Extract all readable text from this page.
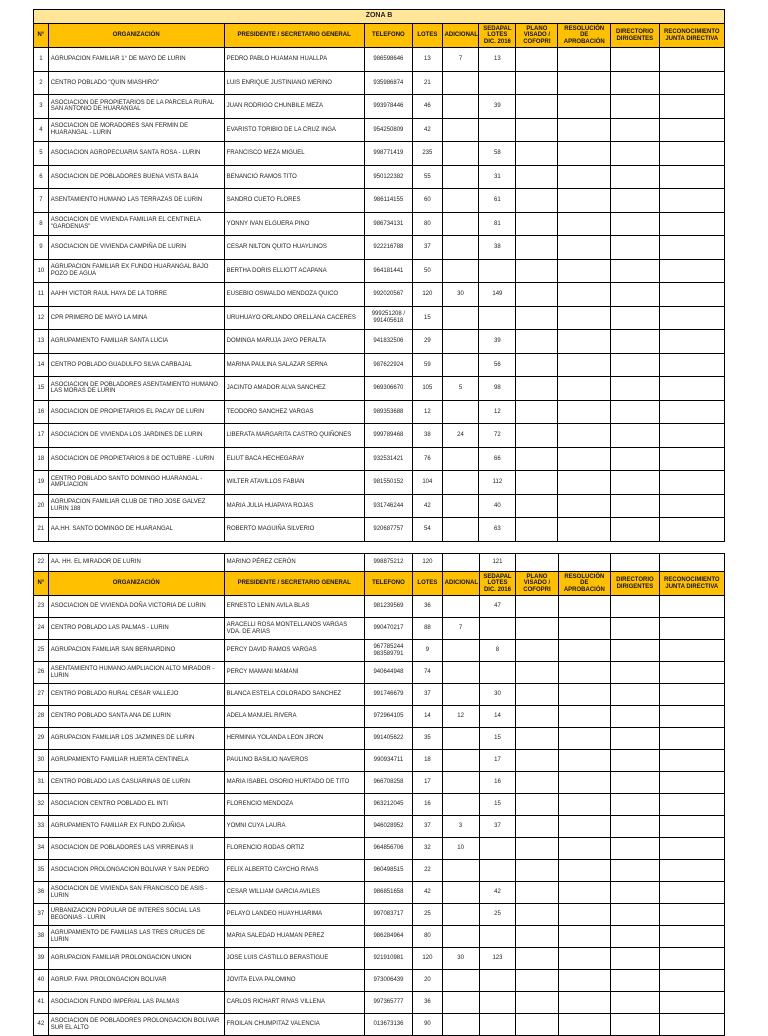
ZONA B										
N°	ORGANIZACIÓN	PRESIDENTE / SECRETARIO GENERAL	TELEFONO	LOTES	ADICIONAL	SEDAPAL LOTES DIC. 2016	PLANO VISADO / COFOPRI	RESOLUCIÓN DE APROBACIÓN	DIRECTORIO DIRIGENTES	RECONOCIMIENTO JUNTA DIRECTIVA
1	AGRUPACION FAMILIAR 1° DE MAYO DE LURIN	PEDRO PABLO HUAMANI HUALLPA	986598646	13	7	13				
2	CENTRO POBLADO "QUIN MIASHIRO"	LUIS ENRIQUE JUSTINIANO MERINO	935986874	21						
3	ASOCIACION DE PROPIETARIOS DE LA PARCELA RURAL SAN ANTONIO DE HUARANGAL	JUAN RODRIGO CHUNBILE MEZA	993978446	46		39				
4	ASOCIACION DE MORADORES SAN FERMIN DE HUARANGAL - LURIN	EVARISTO TORIBIO DE LA CRUZ INGA	954250809	42						
5	ASOCIACION AGROPECUARIA SANTA ROSA - LURIN	FRANCISCO MEZA MIGUEL	998771419	235		58				
6	ASOCIACION DE POBLADORES BUENA VISTA BAJA	BENANCIO RAMOS TITO	950122382	55		31				
7	ASENTAMIENTO HUMANO LAS TERRAZAS DE LURIN	SANDRO CUETO FLORES	986114155	60		61				
8	ASOCIACION DE VIVIENDA FAMILIAR EL CENTINELA "GARDENIAS"	YONNY IVAN ELGUERA PINO	986734131	80		81				
9	ASOCIACION DE VIVIENDA CAMPIÑA DE LURIN	CESAR NILTON QUITO HUAYLINOS	922216788	37		38				
10	AGRUPACION FAMILIAR EX FUNDO HUARANGAL BAJO POZO DE AGUA	BERTHA DORIS ELLIOTT ACAPANA	964181441	50						
11	AAHH VICTOR RAUL HAYA DE LA TORRE	EUSEBIO OSWALDO MENDOZA QUICO	992020567	120	30	149				
12	CPR PRIMERO DE MAYO LA MINA	URUHUAYO ORLANDO ORELLANA CACERES	999251208 / 991405618	15						
13	AGRUPAMIENTO FAMILIAR SANTA LUCIA	DOMINGA MARUJA JAYO PERALTA	941832506	29		39				
14	CENTRO POBLADO GUADULFO SILVA CARBAJAL	MARINA PAULINA SALAZAR SERNA	987622924	59		56				
15	ASOCIACION DE POBLADORES ASENTAMIENTO HUMANO LAS MORAS DE LURIN	JACINTO AMADOR ALVA SANCHEZ	969306670	105	5	98				
16	ASOCIACION DE PROPIETARIOS EL PACAY DE LURIN	TEODORO SANCHEZ VARGAS	989353688	12		12				
17	ASOCIACION DE VIVIENDA LOS JARDINES DE LURIN	LIBERATA MARGARITA CASTRO QUIÑONES	999789468	38	24	72				
18	ASOCIACION DE PROPIETARIOS 8 DE OCTUBRE - LURIN	ELIUT BACA HECHEGARAY	932531421	76		66				
19	CENTRO POBLADO SANTO DOMINGO HUARANGAL - AMPLIACION	WILTER ATAVILLOS FABIAN	981550152	104		112				
20	AGRUPACION FAMILIAR CLUB DE TIRO JOSE GALVEZ LURIN 188	MARIA JULIA HUAPAYA ROJAS	931746244	42		40				
21	AA.HH. SANTO DOMINGO DE HUARANGAL	ROBERTO MAGUIÑA SILVERIO	920687757	54		63				
22	AA. HH. EL MIRADOR DE LURIN	MARINO PÉREZ CERÓN	998875212	120		121				
N°	ORGANIZACIÓN	PRESIDENTE / SECRETARIO GENERAL	TELEFONO	LOTES	ADICIONAL	SEDAPAL LOTES DIC. 2016	PLANO VISADO / COFOPRI	RESOLUCIÓN DE APROBACIÓN	DIRECTORIO DIRIGENTES	RECONOCIMIENTO JUNTA DIRECTIVA
23	ASOCIACION DE VIVIENDA DOÑA VICTORIA DE LURIN	ERNESTO LENIN AVILA BLAS	981239569	36		47				
24	CENTRO POBLADO LAS PALMAS - LURIN	ARACELLI ROSA MONTELLANOS VARGAS VDA. DE ARIAS	990470217	88	7					
25	AGRUPACION FAMILIAR SAN BERNARDINO	PERCY DAVID RAMOS VARGAS	967785244 983589791	9		8				
26	ASENTAMIENTO HUMANO AMPLIACION ALTO MIRADOR - LURIN	PERCY MAMANI MAMANI	940644948	74						
27	CENTRO POBLADO RURAL CESAR VALLEJO	BLANCA ESTELA COLORADO SANCHEZ	991746679	37		30				
28	CENTRO POBLADO SANTA ANA DE LURIN	ADELA MANUEL RIVERA	972964105	14	12	14				
29	AGRUPACION FAMILIAR LOS JAZMINES DE LURIN	HERMINIA YOLANDA LEON JIRON	991405622	35		15				
30	AGRUPAMIENTO FAMILIAR HUERTA CENTINELA	PAULINO BASILIO NAVEROS	990934711	18		17				
31	CENTRO POBLADO LAS CASUARINAS DE LURIN	MARIA ISABEL OSORIO HURTADO DE TITO	966708258	17		16				
32	ASOCIACION CENTRO POBLADO EL INTI	FLORENCIO MENDOZA	963212045	16		15				
33	AGRUPAMIENTO FAMILIAR EX FUNDO ZUÑIGA	YOMNI CUYA LAURA	946028952	37	3	37				
34	ASOCIACION DE POBLADORES LAS VIRREINAS II	FLORENCIO RODAS ORTIZ	964856706	32	10					
35	ASOCIACION PROLONGACION BOLIVAR Y SAN PEDRO	FELIX ALBERTO CAYCHO RIVAS	960498515	22						
36	ASOCIACION DE VIVIENDA SAN FRANCISCO DE ASIS - LURIN	CESAR WILLIAM GARCIA AVILES	986851658	42		42				
37	URBANIZACION POPULAR DE INTERES SOCIAL LAS BEGONIAS - LURIN	PELAYO LANDEO HUAYHUARIMA	997083717	25		25				
38	AGRUPAMIENTO DE FAMILIAS LAS TRES CRUCES DE LURIN	MARIA SALEDAD HUAMAN PEREZ	986284964	80						
39	AGRUPACION FAMILIAR PROLONGACION UNION	JOSE LUIS CASTILLO BERASTIGUE	921910981	120	30	123				
40	AGRUP. FAM. PROLONGACION BOLIVAR	JOVITA ELVA PALOMINO	973006439	20						
41	ASOCIACION FUNDO IMPERIAL LAS PALMAS	CARLOS RICHART RIVAS VILLENA	997365777	36						
42	ASOCIACION DE POBLADORES PROLONGACION BOLIVAR SUR EL ALTO	FROILAN CHUMPITAZ VALENCIA	013673136	90						
